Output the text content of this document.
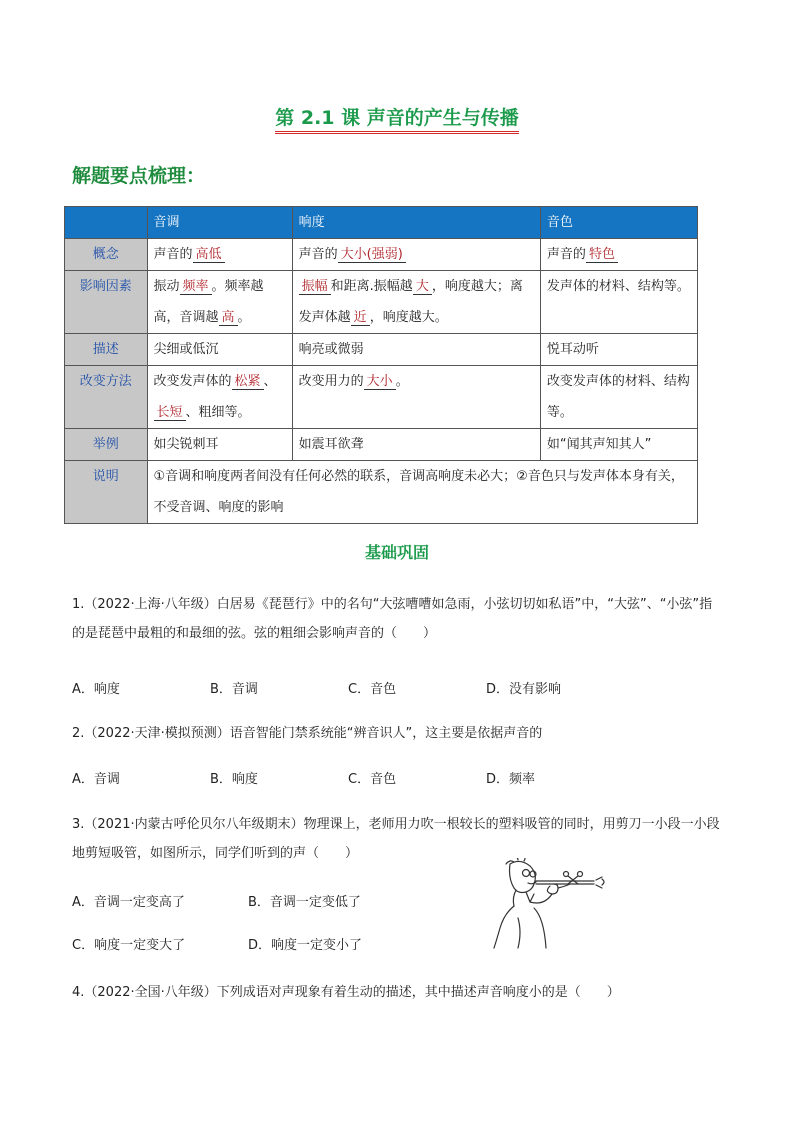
第 2.1 课 声音的产生与传播
解题要点梳理：
	音调	响度	音色
概念	声音的 高低	声音的 大小(强弱)	声音的 特色
影响因素	振动 频率 。频率越高，音调越 高 。	振幅 和距离.振幅越 大 ，响度越大；离发声体越 近 ，响度越大。	发声体的材料、结构等。
描述	尖细或低沉	响亮或微弱	悦耳动听
改变方法	改变发声体的 松紧 、长短 、粗细等。	改变用力的 大小 。	改变发声体的材料、结构等。
举例	如尖锐刺耳	如震耳欲聋	如“闻其声知其人”
说明	①音调和响度两者间没有任何必然的联系，音调高响度未必大；②音色只与发声体本身有关，不受音调、响度的影响		
基础巩固
1.（2022·上海·八年级）白居易《琵琶行》中的名句“大弦嘈嘈如急雨，小弦切切如私语”中，“大弦”、“小弦”指的是琵琶中最粗的和最细的弦。弦的粗细会影响声音的（　　）
A．响度	B．音调	C．音色	D．没有影响
2.（2022·天津·模拟预测）语音智能门禁系统能“辨音识人”，这主要是依据声音的
A．音调	B．响度	C．音色	D．频率
3.（2021·内蒙古呼伦贝尔八年级期末）物理课上，老师用力吹一根较长的塑料吸管的同时，用剪刀一小段一小段地剪短吸管，如图所示，同学们听到的声（　　）
A．音调一定变高了	B．音调一定变低了
C．响度一定变大了	D．响度一定变小了
4.（2022·全国·八年级）下列成语对声现象有着生动的描述，其中描述声音响度小的是（　　）
